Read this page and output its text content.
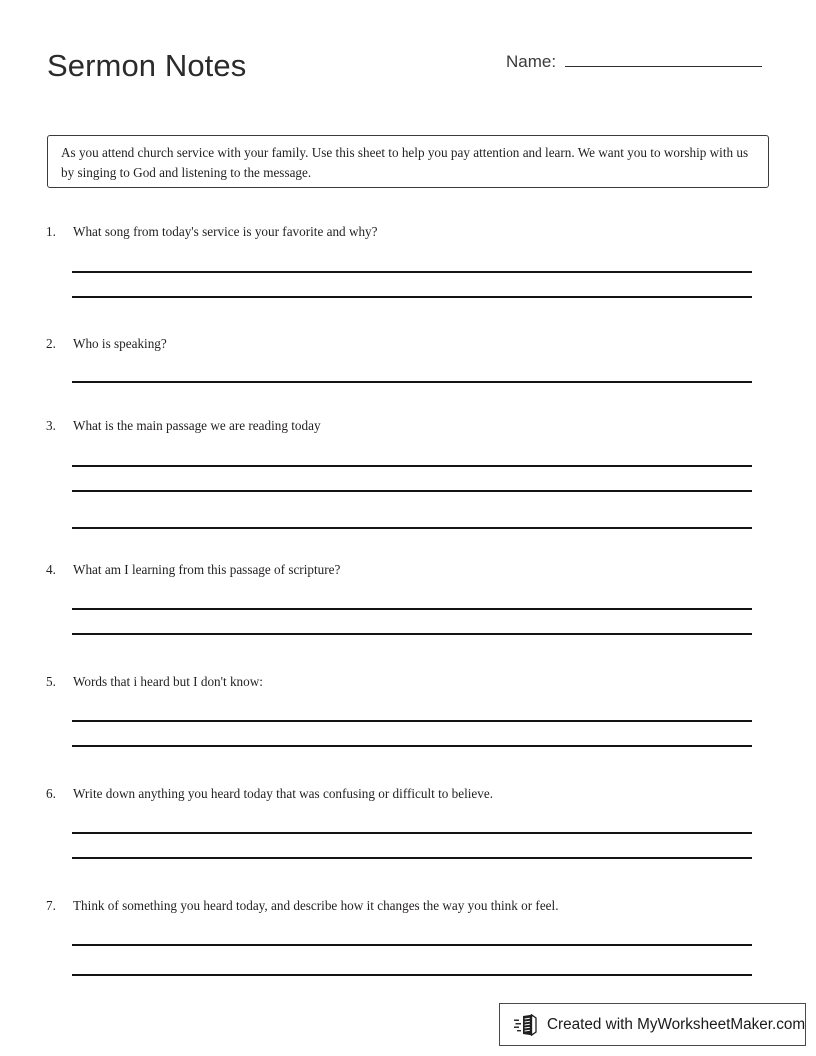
Sermon Notes	Name:
As you attend church service with your family. Use this sheet to help you pay attention and learn. We want you to worship with us by singing to God and listening to the message.
1.	What song from today's service is your favorite and why?
2.	Who is speaking?
3.	What is the main passage we are reading today
4.	What am I learning from this passage of scripture?
5.	Words that i heard but I don't know:
6.	Write down anything you heard today that was confusing or difficult to believe.
7.	Think of something you heard today, and describe how it changes the way you think or feel.
Created with MyWorksheetMaker.com
